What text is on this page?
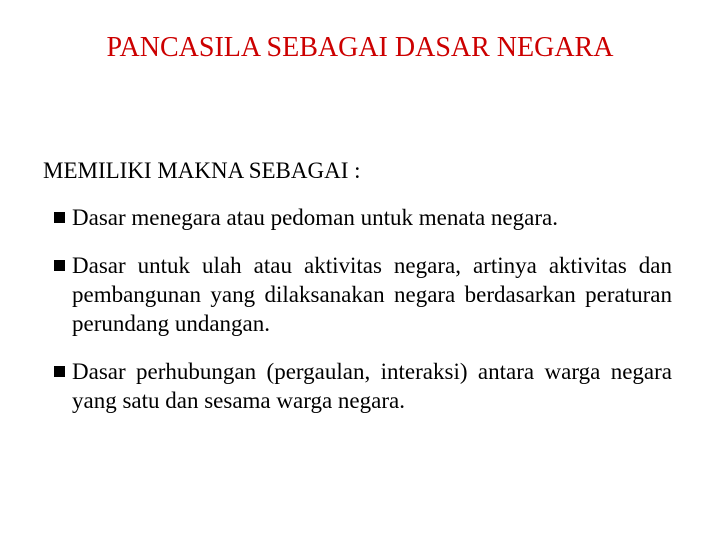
PANCASILA SEBAGAI DASAR NEGARA
MEMILIKI MAKNA SEBAGAI :
Dasar menegara atau pedoman untuk menata negara.
Dasar untuk ulah atau aktivitas negara, artinya aktivitas dan pembangunan yang dilaksanakan negara berdasarkan peraturan perundang undangan.
Dasar perhubungan (pergaulan, interaksi) antara warga negara yang satu dan sesama warga negara.
